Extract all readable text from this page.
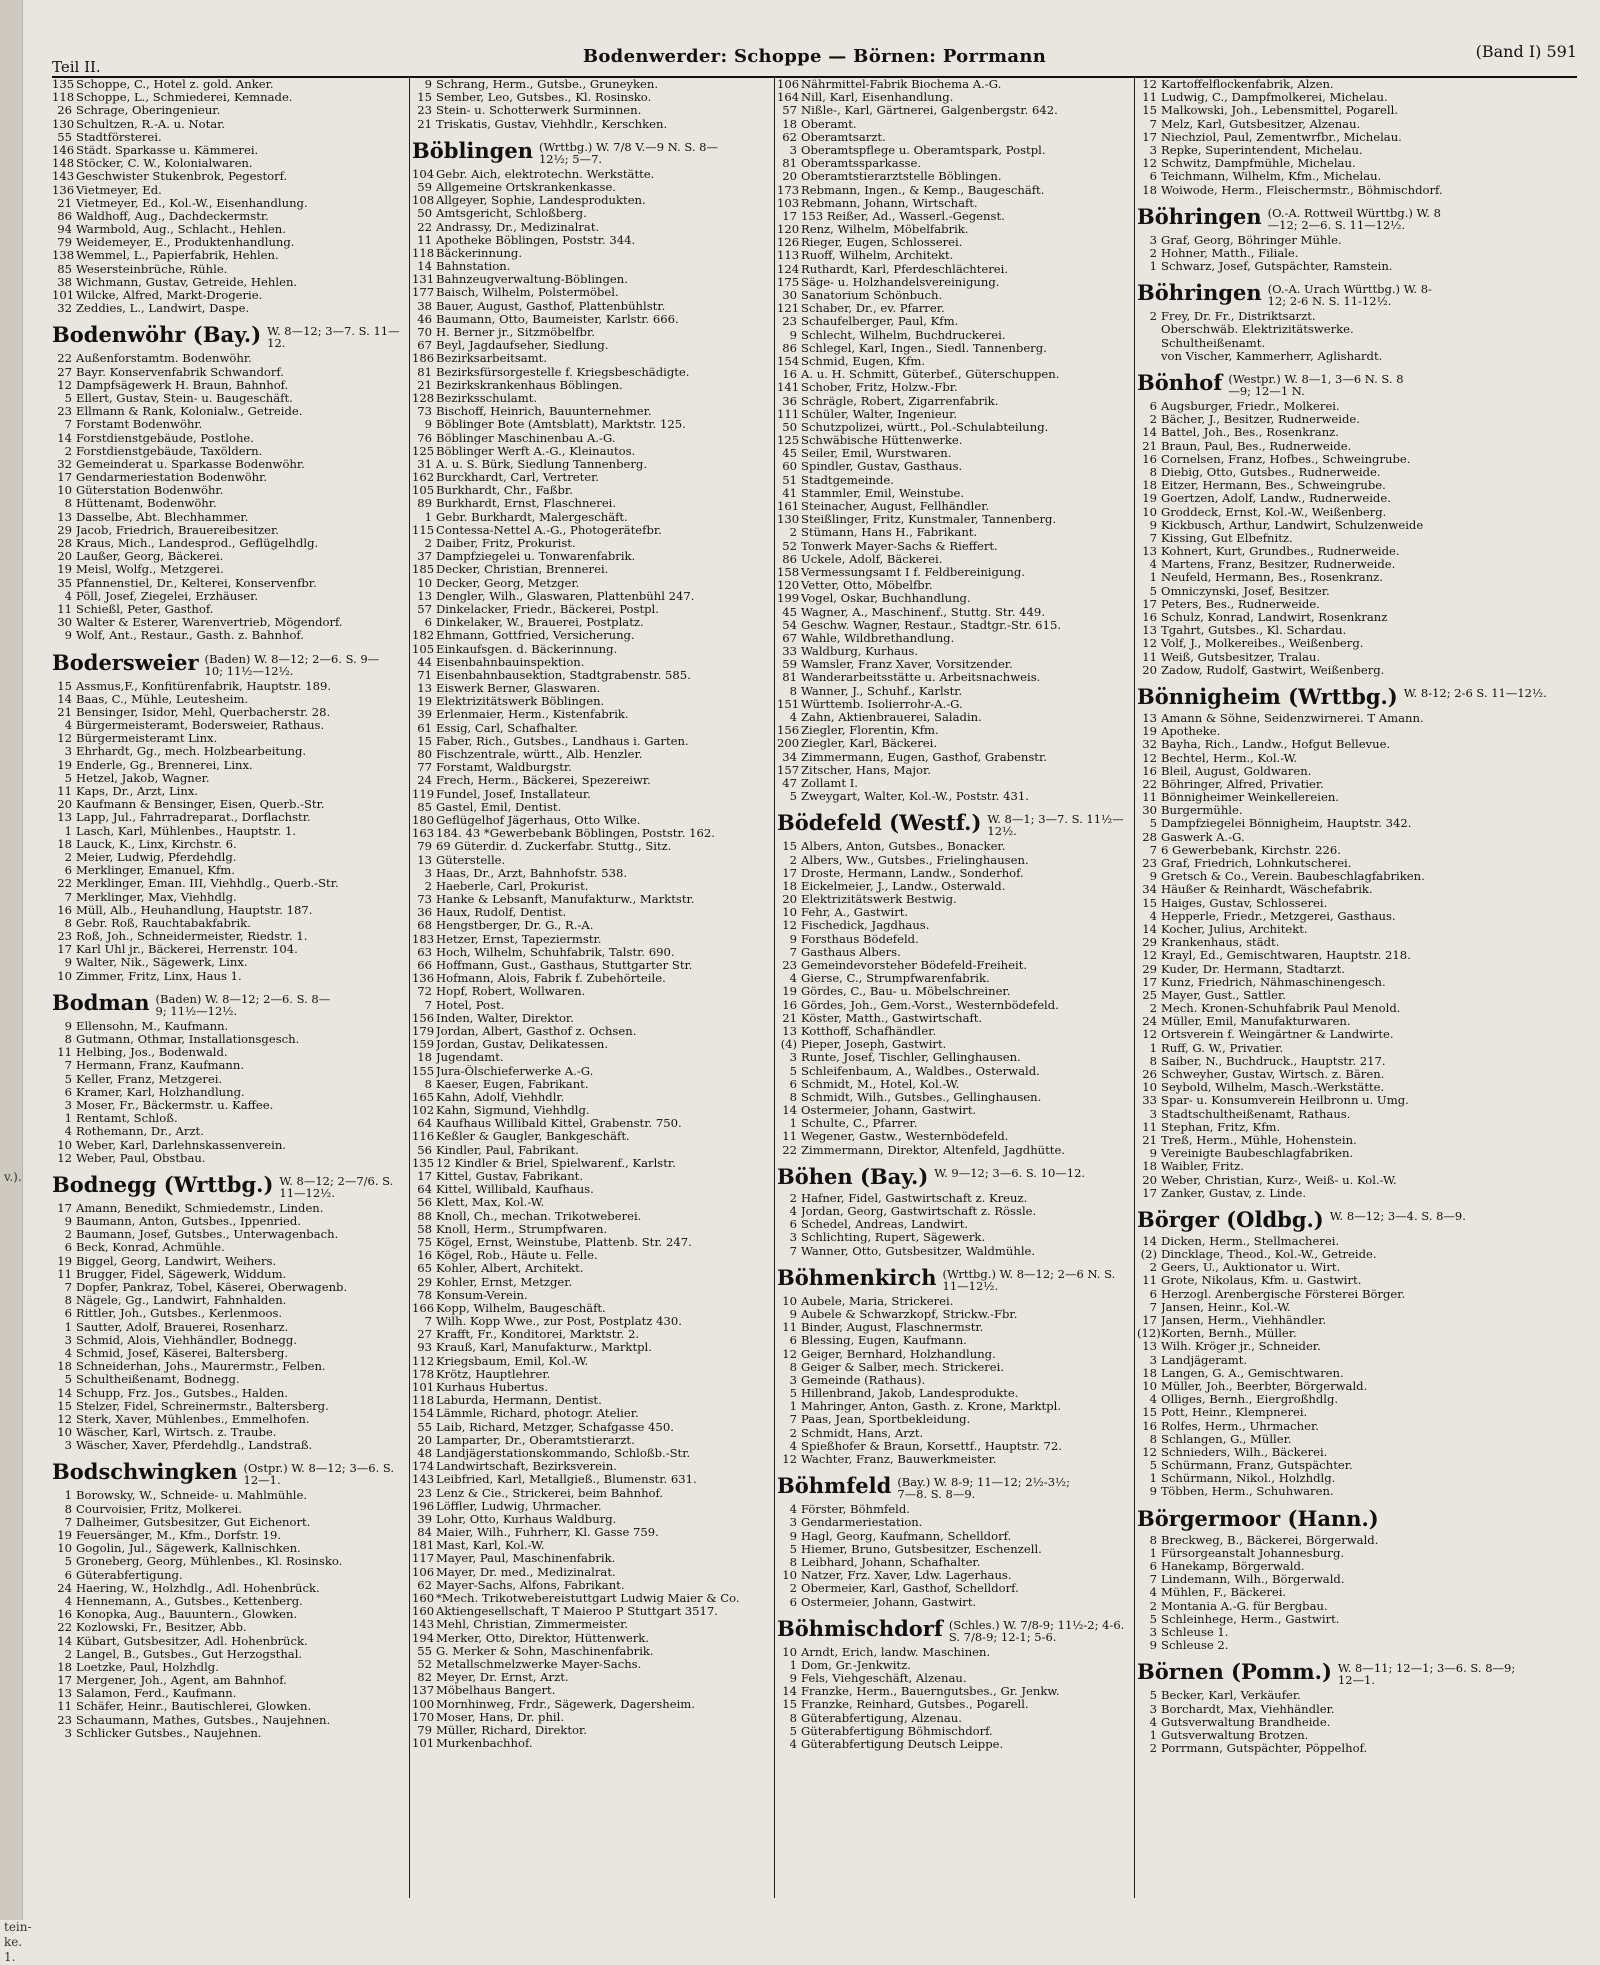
v.).
tein-
ke.
1.
Teil II.	Bodenwerder: Schoppe — Börnen: Porrmann	(Band I) 591
135 Schoppe, C., Hotel z. gold. Anker.
118 Schoppe, L., Schmiederei, Kemnade.
26 Schrage, Oberingenieur.
130 Schultzen, R.-A. u. Notar.
55 Stadtförsterei.
146 Städt. Sparkasse u. Kämmerei.
148 Stöcker, C. W., Kolonialwaren.
143 Geschwister Stukenbrok, Pegestorf.
136 Vietmeyer, Ed.
21 Vietmeyer, Ed., Kol.-W., Eisenhandlung.
86 Waldhoff, Aug., Dachdeckermstr.
94 Warmbold, Aug., Schlacht., Hehlen.
79 Weidemeyer, E., Produktenhandlung.
138 Wemmel, L., Papierfabrik, Hehlen.
85 Wesersteinbrüche, Rühle.
38 Wichmann, Gustav, Getreide, Hehlen.
101 Wilcke, Alfred, Markt-Drogerie.
32 Zeddies, L., Landwirt, Daspe.
Bodenwöhr (Bay.) W. 8—12; 3—7. S. 11—12.
22 Außenforstamtm. Bodenwöhr.
27 Bayr. Konservenfabrik Schwandorf.
12 Dampfsägewerk H. Braun, Bahnhof.
5 Ellert, Gustav, Stein- u. Baugeschäft.
23 Ellmann & Rank, Kolonialw., Getreide.
7 Forstamt Bodenwöhr.
14 Forstdienstgebäude, Postlohe.
2 Forstdienstgebäude, Taxöldern.
32 Gemeinderat u. Sparkasse Bodenwöhr.
17 Gendarmeriestation Bodenwöhr.
10 Güterstation Bodenwöhr.
8 Hüttenamt, Bodenwöhr.
13 Dasselbe, Abt. Blechhammer.
29 Jacob, Friedrich, Brauereibesitzer.
28 Kraus, Mich., Landesprod., Geflügelhdlg.
20 Laußer, Georg, Bäckerei.
19 Meisl, Wolfg., Metzgerei.
35 Pfannenstiel, Dr., Kelterei, Konservenfbr.
4 Pöll, Josef, Ziegelei, Erzhäuser.
11 Schießl, Peter, Gasthof.
30 Walter & Esterer, Warenvertrieb, Mögendorf.
9 Wolf, Ant., Restaur., Gasth. z. Bahnhof.
Bodersweier (Baden) W. 8—12; 2—6. S. 9—10; 11½—12½.
15 Assmus,F., Konfitürenfabrik, Hauptstr. 189.
14 Baas, C., Mühle, Leutesheim.
21 Bensinger, Isidor, Mehl, Querbacherstr. 28.
4 Bürgermeisteramt, Bodersweier, Rathaus.
12 Bürgermeisteramt Linx.
3 Ehrhardt, Gg., mech. Holzbearbeitung.
19 Enderle, Gg., Brennerei, Linx.
5 Hetzel, Jakob, Wagner.
11 Kaps, Dr., Arzt, Linx.
20 Kaufmann & Bensinger, Eisen, Querb.-Str.
13 Lapp, Jul., Fahrradreparat., Dorflachstr.
1 Lasch, Karl, Mühlenbes., Hauptstr. 1.
18 Lauck, K., Linx, Kirchstr. 6.
2 Meier, Ludwig, Pferdehdlg.
6 Merklinger, Emanuel, Kfm.
22 Merklinger, Eman. III, Viehhdlg., Querb.-Str.
7 Merklinger, Max, Viehhdlg.
16 Müll, Alb., Heuhandlung, Hauptstr. 187.
8 Gebr. Roß, Rauchtabakfabrik.
23 Roß, Joh., Schneidermeister, Riedstr. 1.
17 Karl Uhl jr., Bäckerei, Herrenstr. 104.
9 Walter, Nik., Sägewerk, Linx.
10 Zimmer, Fritz, Linx, Haus 1.
Bodman (Baden) W. 8—12; 2—6. S. 8—9; 11½—12½.
9 Ellensohn, M., Kaufmann.
8 Gutmann, Othmar, Installationsgesch.
11 Helbing, Jos., Bodenwald.
7 Hermann, Franz, Kaufmann.
5 Keller, Franz, Metzgerei.
6 Kramer, Karl, Holzhandlung.
3 Moser, Fr., Bäckermstr. u. Kaffee.
1 Rentamt, Schloß.
4 Rothemann, Dr., Arzt.
10 Weber, Karl, Darlehnskassenverein.
12 Weber, Paul, Obstbau.
Bodnegg (Wrttbg.) W. 8—12; 2—7/6. S. 11—12½.
17 Amann, Benedikt, Schmiedemstr., Linden.
9 Baumann, Anton, Gutsbes., Ippenried.
2 Baumann, Josef, Gutsbes., Unterwagenbach.
6 Beck, Konrad, Achmühle.
19 Biggel, Georg, Landwirt, Weihers.
11 Brugger, Fidel, Sägewerk, Widdum.
7 Dopfer, Pankraz, Tobel, Käserei, Oberwagenb.
8 Nägele, Gg., Landwirt, Fahnhalden.
6 Rittler, Joh., Gutsbes., Kerlenmoos.
1 Sautter, Adolf, Brauerei, Rosenharz.
3 Schmid, Alois, Viehhändler, Bodnegg.
4 Schmid, Josef, Käserei, Baltersberg.
18 Schneiderhan, Johs., Maurermstr., Felben.
5 Schultheißenamt, Bodnegg.
14 Schupp, Frz. Jos., Gutsbes., Halden.
15 Stelzer, Fidel, Schreinermstr., Baltersberg.
12 Sterk, Xaver, Mühlenbes., Emmelhofen.
10 Wäscher, Karl, Wirtsch. z. Traube.
3 Wäscher, Xaver, Pferdehdlg., Landstraß.
Bodschwingken (Ostpr.) W. 8—12; 3—6. S. 12—1.
1 Borowsky, W., Schneide- u. Mahlmühle.
8 Courvoisier, Fritz, Molkerei.
7 Dalheimer, Gutsbesitzer, Gut Eichenort.
19 Feuersänger, M., Kfm., Dorfstr. 19.
10 Gogolin, Jul., Sägewerk, Kallnischken.
5 Groneberg, Georg, Mühlenbes., Kl. Rosinsko.
6 Güterabfertigung.
24 Haering, W., Holzhdlg., Adl. Hohenbrück.
4 Hennemann, A., Gutsbes., Kettenberg.
16 Konopka, Aug., Bauuntern., Glowken.
22 Kozlowski, Fr., Besitzer, Abb.
14 Kübart, Gutsbesitzer, Adl. Hohenbrück.
2 Langel, B., Gutsbes., Gut Herzogsthal.
18 Loetzke, Paul, Holzhdlg.
17 Mergener, Joh., Agent, am Bahnhof.
13 Salamon, Ferd., Kaufmann.
11 Schäfer, Heinr., Bautischlerei, Glowken.
23 Schaumann, Mathes, Gutsbes., Naujehnen.
3 Schlicker Gutsbes., Naujehnen.
9 Schrang, Herm., Gutsbe., Gruneyken.
15 Sember, Leo, Gutsbes., Kl. Rosinsko.
23 Stein- u. Schotterwerk Surminnen.
21 Triskatis, Gustav, Viehhdlr., Kerschken.
Böblingen (Wrttbg.) W. 7/8 V.—9 N. S. 8—12½; 5—7.
104 Gebr. Aich, elektrotechn. Werkstätte.
59 Allgemeine Ortskrankenkasse.
108 Allgeyer, Sophie, Landesprodukten.
50 Amtsgericht, Schloßberg.
22 Andrassy, Dr., Medizinalrat.
11 Apotheke Böblingen, Poststr. 344.
118 Bäckerinnung.
14 Bahnstation.
131 Bahnzeugverwaltung-Böblingen.
177 Baisch, Wilhelm, Polstermöbel.
38 Bauer, August, Gasthof, Plattenbühlstr.
46 Baumann, Otto, Baumeister, Karlstr. 666.
70 H. Berner jr., Sitzmöbelfbr.
67 Beyl, Jagdaufseher, Siedlung.
186 Bezirksarbeitsamt.
81 Bezirksfürsorgestelle f. Kriegsbeschädigte.
21 Bezirkskrankenhaus Böblingen.
128 Bezirksschulamt.
73 Bischoff, Heinrich, Bauunternehmer.
9 Böblinger Bote (Amtsblatt), Marktstr. 125.
76 Böblinger Maschinenbau A.-G.
125 Böblinger Werft A.-G., Kleinautos.
31 A. u. S. Bürk, Siedlung Tannenberg.
162 Burckhardt, Carl, Vertreter.
105 Burkhardt, Chr., Faßbr.
89 Burkhardt, Ernst, Flaschnerei.
1 Gebr. Burkhardt, Malergeschäft.
115 Contessa-Nettel A.-G., Photogerätefbr.
2 Daiber, Fritz, Prokurist.
37 Dampfziegelei u. Tonwarenfabrik.
185 Decker, Christian, Brennerei.
10 Decker, Georg, Metzger.
13 Dengler, Wilh., Glaswaren, Plattenbühl 247.
57 Dinkelacker, Friedr., Bäckerei, Postpl.
6 Dinkelaker, W., Brauerei, Postplatz.
182 Ehmann, Gottfried, Versicherung.
105 Einkaufsgen. d. Bäckerinnung.
44 Eisenbahnbauinspektion.
71 Eisenbahnbausektion, Stadtgrabenstr. 585.
13 Eiswerk Berner, Glaswaren.
19 Elektrizitätswerk Böblingen.
39 Erlenmaier, Herm., Kistenfabrik.
61 Essig, Carl, Schafhalter.
15 Faber, Rich., Gutsbes., Landhaus i. Garten.
80 Fischzentrale, württ., Alb. Henzler.
77 Forstamt, Waldburgstr.
24 Frech, Herm., Bäckerei, Spezereiwr.
119 Fundel, Josef, Installateur.
85 Gastel, Emil, Dentist.
180 Geflügelhof Jägerhaus, Otto Wilke.
163 184. 43 *Gewerbebank Böblingen, Poststr. 162.
79 69 Güterdir. d. Zuckerfabr. Stuttg., Sitz.
13 Güterstelle.
3 Haas, Dr., Arzt, Bahnhofstr. 538.
2 Haeberle, Carl, Prokurist.
73 Hanke & Lebsanft, Manufakturw., Marktstr.
36 Haux, Rudolf, Dentist.
68 Hengstberger, Dr. G., R.-A.
183 Hetzer, Ernst, Tapeziermstr.
63 Hoch, Wilhelm, Schuhfabrik, Talstr. 690.
66 Hoffmann, Gust., Gasthaus, Stuttgarter Str.
136 Hofmann, Alois, Fabrik f. Zubehörteile.
72 Hopf, Robert, Wollwaren.
7 Hotel, Post.
156 Inden, Walter, Direktor.
179 Jordan, Albert, Gasthof z. Ochsen.
159 Jordan, Gustav, Delikatessen.
18 Jugendamt.
155 Jura-Ölschieferwerke A.-G.
8 Kaeser, Eugen, Fabrikant.
165 Kahn, Adolf, Viehhdlr.
102 Kahn, Sigmund, Viehhdlg.
64 Kaufhaus Willibald Kittel, Grabenstr. 750.
116 Keßler & Gaugler, Bankgeschäft.
56 Kindler, Paul, Fabrikant.
135 12 Kindler & Briel, Spielwarenf., Karlstr.
17 Kittel, Gustav, Fabrikant.
64 Kittel, Willibald, Kaufhaus.
56 Klett, Max, Kol.-W.
88 Knoll, Ch., mechan. Trikotweberei.
58 Knoll, Herm., Strumpfwaren.
75 Kögel, Ernst, Weinstube, Plattenb. Str. 247.
16 Kögel, Rob., Häute u. Felle.
65 Kohler, Albert, Architekt.
29 Kohler, Ernst, Metzger.
78 Konsum-Verein.
166 Kopp, Wilhelm, Baugeschäft.
7 Wilh. Kopp Wwe., zur Post, Postplatz 430.
27 Krafft, Fr., Konditorei, Marktstr. 2.
93 Krauß, Karl, Manufakturw., Marktpl.
112 Kriegsbaum, Emil, Kol.-W.
178 Krötz, Hauptlehrer.
101 Kurhaus Hubertus.
118 Laburda, Hermann, Dentist.
154 Lämmle, Richard, photogr. Atelier.
55 Laib, Richard, Metzger, Schafgasse 450.
20 Lamparter, Dr., Oberamtstierarzt.
48 Landjägerstationskommando, Schloßb.-Str.
174 Landwirtschaft, Bezirksverein.
143 Leibfried, Karl, Metallgieß., Blumenstr. 631.
23 Lenz & Cie., Strickerei, beim Bahnhof.
196 Löffler, Ludwig, Uhrmacher.
39 Lohr, Otto, Kurhaus Waldburg.
84 Maier, Wilh., Fuhrherr, Kl. Gasse 759.
181 Mast, Karl, Kol.-W.
117 Mayer, Paul, Maschinenfabrik.
106 Mayer, Dr. med., Medizinalrat.
62 Mayer-Sachs, Alfons, Fabrikant.
160 *Mech. Trikotwebereistuttgart Ludwig Maier & Co.
160 Aktiengesellschaft, T Maieroo P Stuttgart 3517.
143 Mehl, Christian, Zimmermeister.
194 Merker, Otto, Direktor, Hüttenwerk.
55 G. Merker & Sohn, Maschinenfabrik.
52 Metallschmelzwerke Mayer-Sachs.
82 Meyer, Dr. Ernst, Arzt.
137 Möbelhaus Bangert.
100 Mornhinweg, Frdr., Sägewerk, Dagersheim.
170 Moser, Hans, Dr. phil.
79 Müller, Richard, Direktor.
101 Murkenbachhof.
106 Nährmittel-Fabrik Biochema A.-G.
164 Nill, Karl, Eisenhandlung.
57 Nißle-, Karl, Gärtnerei, Galgenbergstr. 642.
18 Oberamt.
62 Oberamtsarzt.
3 Oberamtspflege u. Oberamtspark, Postpl.
81 Oberamtssparkasse.
20 Oberamtstierarztstelle Böblingen.
173 Rebmann, Ingen., & Kemp., Baugeschäft.
103 Rebmann, Johann, Wirtschaft.
17 153 Reißer, Ad., Wasserl.-Gegenst.
120 Renz, Wilhelm, Möbelfabrik.
126 Rieger, Eugen, Schlosserei.
113 Ruoff, Wilhelm, Architekt.
124 Ruthardt, Karl, Pferdeschlächterei.
175 Säge- u. Holzhandelsvereinigung.
30 Sanatorium Schönbuch.
121 Schaber, Dr., ev. Pfarrer.
23 Schaufelberger, Paul, Kfm.
9 Schlecht, Wilhelm, Buchdruckerei.
86 Schlegel, Karl, Ingen., Siedl. Tannenberg.
154 Schmid, Eugen, Kfm.
16 A. u. H. Schmitt, Güterbef., Güterschuppen.
141 Schober, Fritz, Holzw.-Fbr.
36 Schrägle, Robert, Zigarrenfabrik.
111 Schüler, Walter, Ingenieur.
50 Schutzpolizei, württ., Pol.-Schulabteilung.
125 Schwäbische Hüttenwerke.
45 Seiler, Emil, Wurstwaren.
60 Spindler, Gustav, Gasthaus.
51 Stadtgemeinde.
41 Stammler, Emil, Weinstube.
161 Steinacher, August, Fellhändler.
130 Steißlinger, Fritz, Kunstmaler, Tannenberg.
2 Stümann, Hans H., Fabrikant.
52 Tonwerk Mayer-Sachs & Rieffert.
86 Uckele, Adolf, Bäckerei.
158 Vermessungsamt I f. Feldbereinigung.
120 Vetter, Otto, Möbelfbr.
199 Vogel, Oskar, Buchhandlung.
45 Wagner, A., Maschinenf., Stuttg. Str. 449.
54 Geschw. Wagner, Restaur., Stadtgr.-Str. 615.
67 Wahle, Wildbrethandlung.
33 Waldburg, Kurhaus.
59 Wamsler, Franz Xaver, Vorsitzender.
81 Wanderarbeitsstätte u. Arbeitsnachweis.
8 Wanner, J., Schuhf., Karlstr.
151 Württemb. Isolierrohr-A.-G.
4 Zahn, Aktienbrauerei, Saladin.
156 Ziegler, Florentin, Kfm.
200 Ziegler, Karl, Bäckerei.
34 Zimmermann, Eugen, Gasthof, Grabenstr.
157 Zitscher, Hans, Major.
47 Zollamt I.
5 Zweygart, Walter, Kol.-W., Poststr. 431.
Bödefeld (Westf.) W. 8—1; 3—7. S. 11½—12½.
15 Albers, Anton, Gutsbes., Bonacker.
2 Albers, Ww., Gutsbes., Frielinghausen.
17 Droste, Hermann, Landw., Sonderhof.
18 Eickelmeier, J., Landw., Osterwald.
20 Elektrizitätswerk Bestwig.
10 Fehr, A., Gastwirt.
12 Fischedick, Jagdhaus.
9 Forsthaus Bödefeld.
7 Gasthaus Albers.
23 Gemeindevorsteher Bödefeld-Freiheit.
4 Gierse, C., Strumpfwarenfabrik.
19 Gördes, C., Bau- u. Möbelschreiner.
16 Gördes, Joh., Gem.-Vorst., Westernbödefeld.
21 Köster, Matth., Gastwirtschaft.
13 Kotthoff, Schafhändler.
(4) Pieper, Joseph, Gastwirt.
3 Runte, Josef, Tischler, Gellinghausen.
5 Schleifenbaum, A., Waldbes., Osterwald.
6 Schmidt, M., Hotel, Kol.-W.
8 Schmidt, Wilh., Gutsbes., Gellinghausen.
14 Ostermeier, Johann, Gastwirt.
1 Schulte, C., Pfarrer.
11 Wegener, Gastw., Westernbödefeld.
22 Zimmermann, Direktor, Altenfeld, Jagdhütte.
Böhen (Bay.) W. 9—12; 3—6. S. 10—12.
2 Hafner, Fidel, Gastwirtschaft z. Kreuz.
4 Jordan, Georg, Gastwirtschaft z. Rössle.
6 Schedel, Andreas, Landwirt.
3 Schlichting, Rupert, Sägewerk.
7 Wanner, Otto, Gutsbesitzer, Waldmühle.
Böhmenkirch (Wrttbg.) W. 8—12; 2—6 N. S. 11—12½.
10 Aubele, Maria, Strickerei.
9 Aubele & Schwarzkopf, Strickw.-Fbr.
11 Binder, August, Flaschnermstr.
6 Blessing, Eugen, Kaufmann.
12 Geiger, Bernhard, Holzhandlung.
8 Geiger & Salber, mech. Strickerei.
3 Gemeinde (Rathaus).
5 Hillenbrand, Jakob, Landesprodukte.
1 Mahringer, Anton, Gasth. z. Krone, Marktpl.
7 Paas, Jean, Sportbekleidung.
2 Schmidt, Hans, Arzt.
4 Spießhofer & Braun, Korsettf., Hauptstr. 72.
12 Wachter, Franz, Bauwerkmeister.
Böhmfeld (Bay.) W. 8-9; 11—12; 2½-3½; 7—8. S. 8—9.
4 Förster, Böhmfeld.
3 Gendarmeriestation.
9 Hagl, Georg, Kaufmann, Schelldorf.
5 Hiemer, Bruno, Gutsbesitzer, Eschenzell.
8 Leibhard, Johann, Schafhalter.
10 Natzer, Frz. Xaver, Ldw. Lagerhaus.
2 Obermeier, Karl, Gasthof, Schelldorf.
6 Ostermeier, Johann, Gastwirt.
Böhmischdorf (Schles.) W. 7/8-9; 11½-2; 4-6. S. 7/8-9; 12-1; 5-6.
10 Arndt, Erich, landw. Maschinen.
1 Dom, Gr.-Jenkwitz.
9 Fels, Viehgeschäft, Alzenau.
14 Franzke, Herm., Bauerngutsbes., Gr. Jenkw.
15 Franzke, Reinhard, Gutsbes., Pogarell.
8 Güterabfertigung, Alzenau.
5 Güterabfertigung Böhmischdorf.
4 Güterabfertigung Deutsch Leippe.
12 Kartoffelflockenfabrik, Alzen.
11 Ludwig, C., Dampfmolkerei, Michelau.
15 Malkowski, Joh., Lebensmittel, Pogarell.
7 Melz, Karl, Gutsbesitzer, Alzenau.
17 Niechziol, Paul, Zementwrfbr., Michelau.
3 Repke, Superintendent, Michelau.
12 Schwitz, Dampfmühle, Michelau.
6 Teichmann, Wilhelm, Kfm., Michelau.
18 Woiwode, Herm., Fleischermstr., Böhmischdorf.
Böhringen (O.-A. Rottweil Württbg.) W. 8—12; 2—6. S. 11—12½.
3 Graf, Georg, Böhringer Mühle.
2 Hohner, Matth., Filiale.
1 Schwarz, Josef, Gutspächter, Ramstein.
Böhringen (O.-A. Urach Württbg.) W. 8-12; 2-6 N. S. 11-12½.
2 Frey, Dr. Fr., Distriktsarzt.
Oberschwäb. Elektrizitätswerke.
Schultheißenamt.
von Vischer, Kammerherr, Aglishardt.
Bönhof (Westpr.) W. 8—1, 3—6 N. S. 8—9; 12—1 N.
6 Augsburger, Friedr., Molkerei.
2 Bächer, J., Besitzer, Rudnerweide.
14 Battel, Joh., Bes., Rosenkranz.
21 Braun, Paul, Bes., Rudnerweide.
16 Cornelsen, Franz, Hofbes., Schweingrube.
8 Diebig, Otto, Gutsbes., Rudnerweide.
18 Eitzer, Hermann, Bes., Schweingrube.
19 Goertzen, Adolf, Landw., Rudnerweide.
10 Groddeck, Ernst, Kol.-W., Weißenberg.
9 Kickbusch, Arthur, Landwirt, Schulzenweide
7 Kissing, Gut Elbefnitz.
13 Kohnert, Kurt, Grundbes., Rudnerweide.
4 Martens, Franz, Besitzer, Rudnerweide.
1 Neufeld, Hermann, Bes., Rosenkranz.
5 Omniczynski, Josef, Besitzer.
17 Peters, Bes., Rudnerweide.
16 Schulz, Konrad, Landwirt, Rosenkranz
13 Tgahrt, Gutsbes., Kl. Schardau.
12 Volf, J., Molkereibes., Weißenberg.
11 Weiß, Gutsbesitzer, Tralau.
20 Zadow, Rudolf, Gastwirt, Weißenberg.
Bönnigheim (Wrttbg.) W. 8-12; 2-6 S. 11—12½.
13 Amann & Söhne, Seidenzwirnerei. T Amann.
19 Apotheke.
32 Bayha, Rich., Landw., Hofgut Bellevue.
12 Bechtel, Herm., Kol.-W.
16 Bleil, August, Goldwaren.
22 Böhringer, Alfred, Privatier.
11 Bönnigheimer Weinkellereien.
30 Burgermühle.
5 Dampfziegelei Bönnigheim, Hauptstr. 342.
28 Gaswerk A.-G.
7 6 Gewerbebank, Kirchstr. 226.
23 Graf, Friedrich, Lohnkutscherei.
9 Gretsch & Co., Verein. Baubeschlagfabriken.
34 Häußer & Reinhardt, Wäschefabrik.
15 Haiges, Gustav, Schlosserei.
4 Hepperle, Friedr., Metzgerei, Gasthaus.
14 Kocher, Julius, Architekt.
29 Krankenhaus, städt.
12 Krayl, Ed., Gemischtwaren, Hauptstr. 218.
29 Kuder, Dr. Hermann, Stadtarzt.
17 Kunz, Friedrich, Nähmaschinengesch.
25 Mayer, Gust., Sattler.
2 Mech. Kronen-Schuhfabrik Paul Menold.
24 Müller, Emil, Manufakturwaren.
12 Ortsverein f. Weingärtner & Landwirte.
1 Ruff, G. W., Privatier.
8 Saiber, N., Buchdruck., Hauptstr. 217.
26 Schweyher, Gustav, Wirtsch. z. Bären.
10 Seybold, Wilhelm, Masch.-Werkstätte.
33 Spar- u. Konsumverein Heilbronn u. Umg.
3 Stadtschultheißenamt, Rathaus.
11 Stephan, Fritz, Kfm.
21 Treß, Herm., Mühle, Hohenstein.
9 Vereinigte Baubeschlagfabriken.
18 Waibler, Fritz.
20 Weber, Christian, Kurz-, Weiß- u. Kol.-W.
17 Zanker, Gustav, z. Linde.
Börger (Oldbg.) W. 8—12; 3—4. S. 8—9.
14 Dicken, Herm., Stellmacherei.
(2) Dincklage, Theod., Kol.-W., Getreide.
2 Geers, U., Auktionator u. Wirt.
11 Grote, Nikolaus, Kfm. u. Gastwirt.
6 Herzogl. Arenbergische Försterei Börger.
7 Jansen, Heinr., Kol.-W.
17 Jansen, Herm., Viehhändler.
(12) Korten, Bernh., Müller.
13 Wilh. Kröger jr., Schneider.
3 Landjägeramt.
18 Langen, G. A., Gemischtwaren.
10 Müller, Joh., Beerbter, Börgerwald.
4 Olliges, Bernh., Eiergroßhdlg.
15 Pott, Heinr., Klempnerei.
16 Rolfes, Herm., Uhrmacher.
8 Schlangen, G., Müller.
12 Schnieders, Wilh., Bäckerei.
5 Schürmann, Franz, Gutspächter.
1 Schürmann, Nikol., Holzhdlg.
9 Többen, Herm., Schuhwaren.
Börgermoor (Hann.)
8 Breckweg, B., Bäckerei, Börgerwald.
1 Fürsorgeanstalt Johannesburg.
6 Hanekamp, Börgerwald.
7 Lindemann, Wilh., Börgerwald.
4 Mühlen, F., Bäckerei.
2 Montania A.-G. für Bergbau.
5 Schleinhege, Herm., Gastwirt.
3 Schleuse 1.
9 Schleuse 2.
Börnen (Pomm.) W. 8—11; 12—1; 3—6. S. 8—9; 12—1.
5 Becker, Karl, Verkäufer.
3 Borchardt, Max, Viehhändler.
4 Gutsverwaltung Brandheide.
1 Gutsverwaltung Brotzen.
2 Porrmann, Gutspächter, Pöppelhof.
